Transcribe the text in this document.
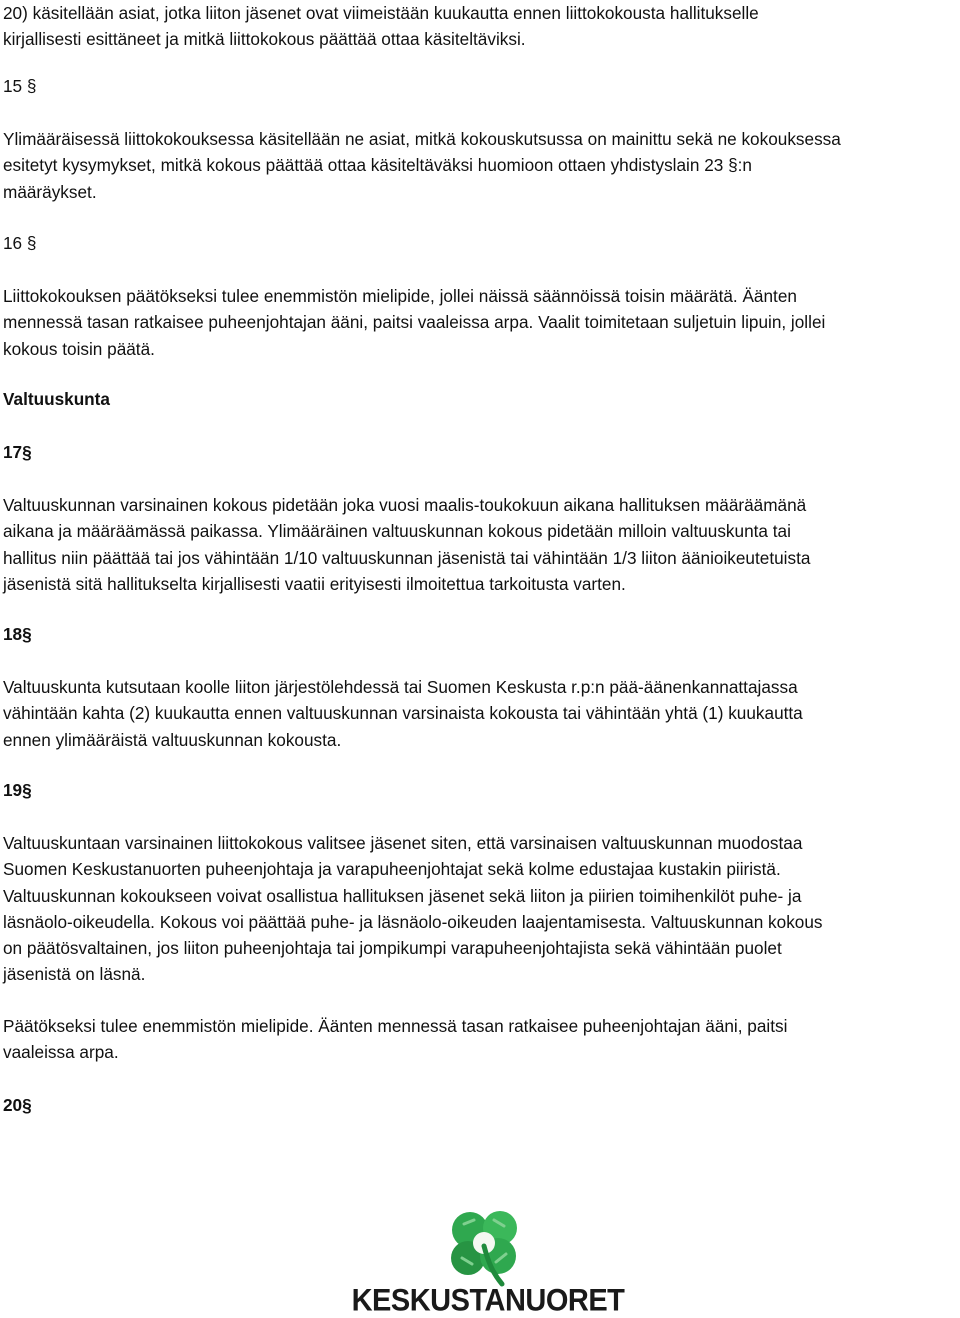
20) käsitellään asiat, jotka liiton jäsenet ovat viimeistään kuukautta ennen liittokokousta hallitukselle
kirjallisesti esittäneet ja mitkä liittokokous päättää ottaa käsiteltäviksi.

15 §

Ylimääräisessä liittokokouksessa käsitellään ne asiat, mitkä kokouskutsussa on mainittu sekä ne kokouksessa
esitetyt kysymykset, mitkä kokous päättää ottaa käsiteltäväksi huomioon ottaen yhdistyslain 23 §:n
määräykset.

16 §

Liittokokouksen päätökseksi tulee enemmistön mielipide, jollei näissä säännöissä toisin määrätä. Äänten
mennessä tasan ratkaisee puheenjohtajan ääni, paitsi vaaleissa arpa. Vaalit toimitetaan suljetuin lipuin, jollei
kokous toisin päätä.

Valtuuskunta

17§

Valtuuskunnan varsinainen kokous pidetään joka vuosi maalis-toukokuun aikana hallituksen määräämänä
aikana ja määräämässä paikassa. Ylimääräinen valtuuskunnan kokous pidetään milloin valtuuskunta tai
hallitus niin päättää tai jos vähintään 1/10 valtuuskunnan jäsenistä tai vähintään 1/3 liiton äänioikeutetuista
jäsenistä sitä hallitukselta kirjallisesti vaatii erityisesti ilmoitettua tarkoitusta varten.

18§

Valtuuskunta kutsutaan koolle liiton järjestölehdessä tai Suomen Keskusta r.p:n pää-äänenkannattajassa
vähintään kahta (2) kuukautta ennen valtuuskunnan varsinaista kokousta tai vähintään yhtä (1) kuukautta
ennen ylimääräistä valtuuskunnan kokousta.

19§

Valtuuskuntaan varsinainen liittokokous valitsee jäsenet siten, että varsinaisen valtuuskunnan muodostaa
Suomen Keskustanuorten puheenjohtaja ja varapuheenjohtajat sekä kolme edustajaa kustakin piiristä.
Valtuuskunnan kokoukseen voivat osallistua hallituksen jäsenet sekä liiton ja piirien toimihenkilöt puhe- ja
läsnäolo-oikeudella. Kokous voi päättää puhe- ja läsnäolo-oikeuden laajentamisesta. Valtuuskunnan kokous
on päätösvaltainen, jos liiton puheenjohtaja tai jompikumpi varapuheenjohtajista sekä vähintään puolet
jäsenistä on läsnä.

Päätökseksi tulee enemmistön mielipide. Äänten mennessä tasan ratkaisee puheenjohtajan ääni, paitsi
vaaleissa arpa.

20§

KESKUSTANUORET
